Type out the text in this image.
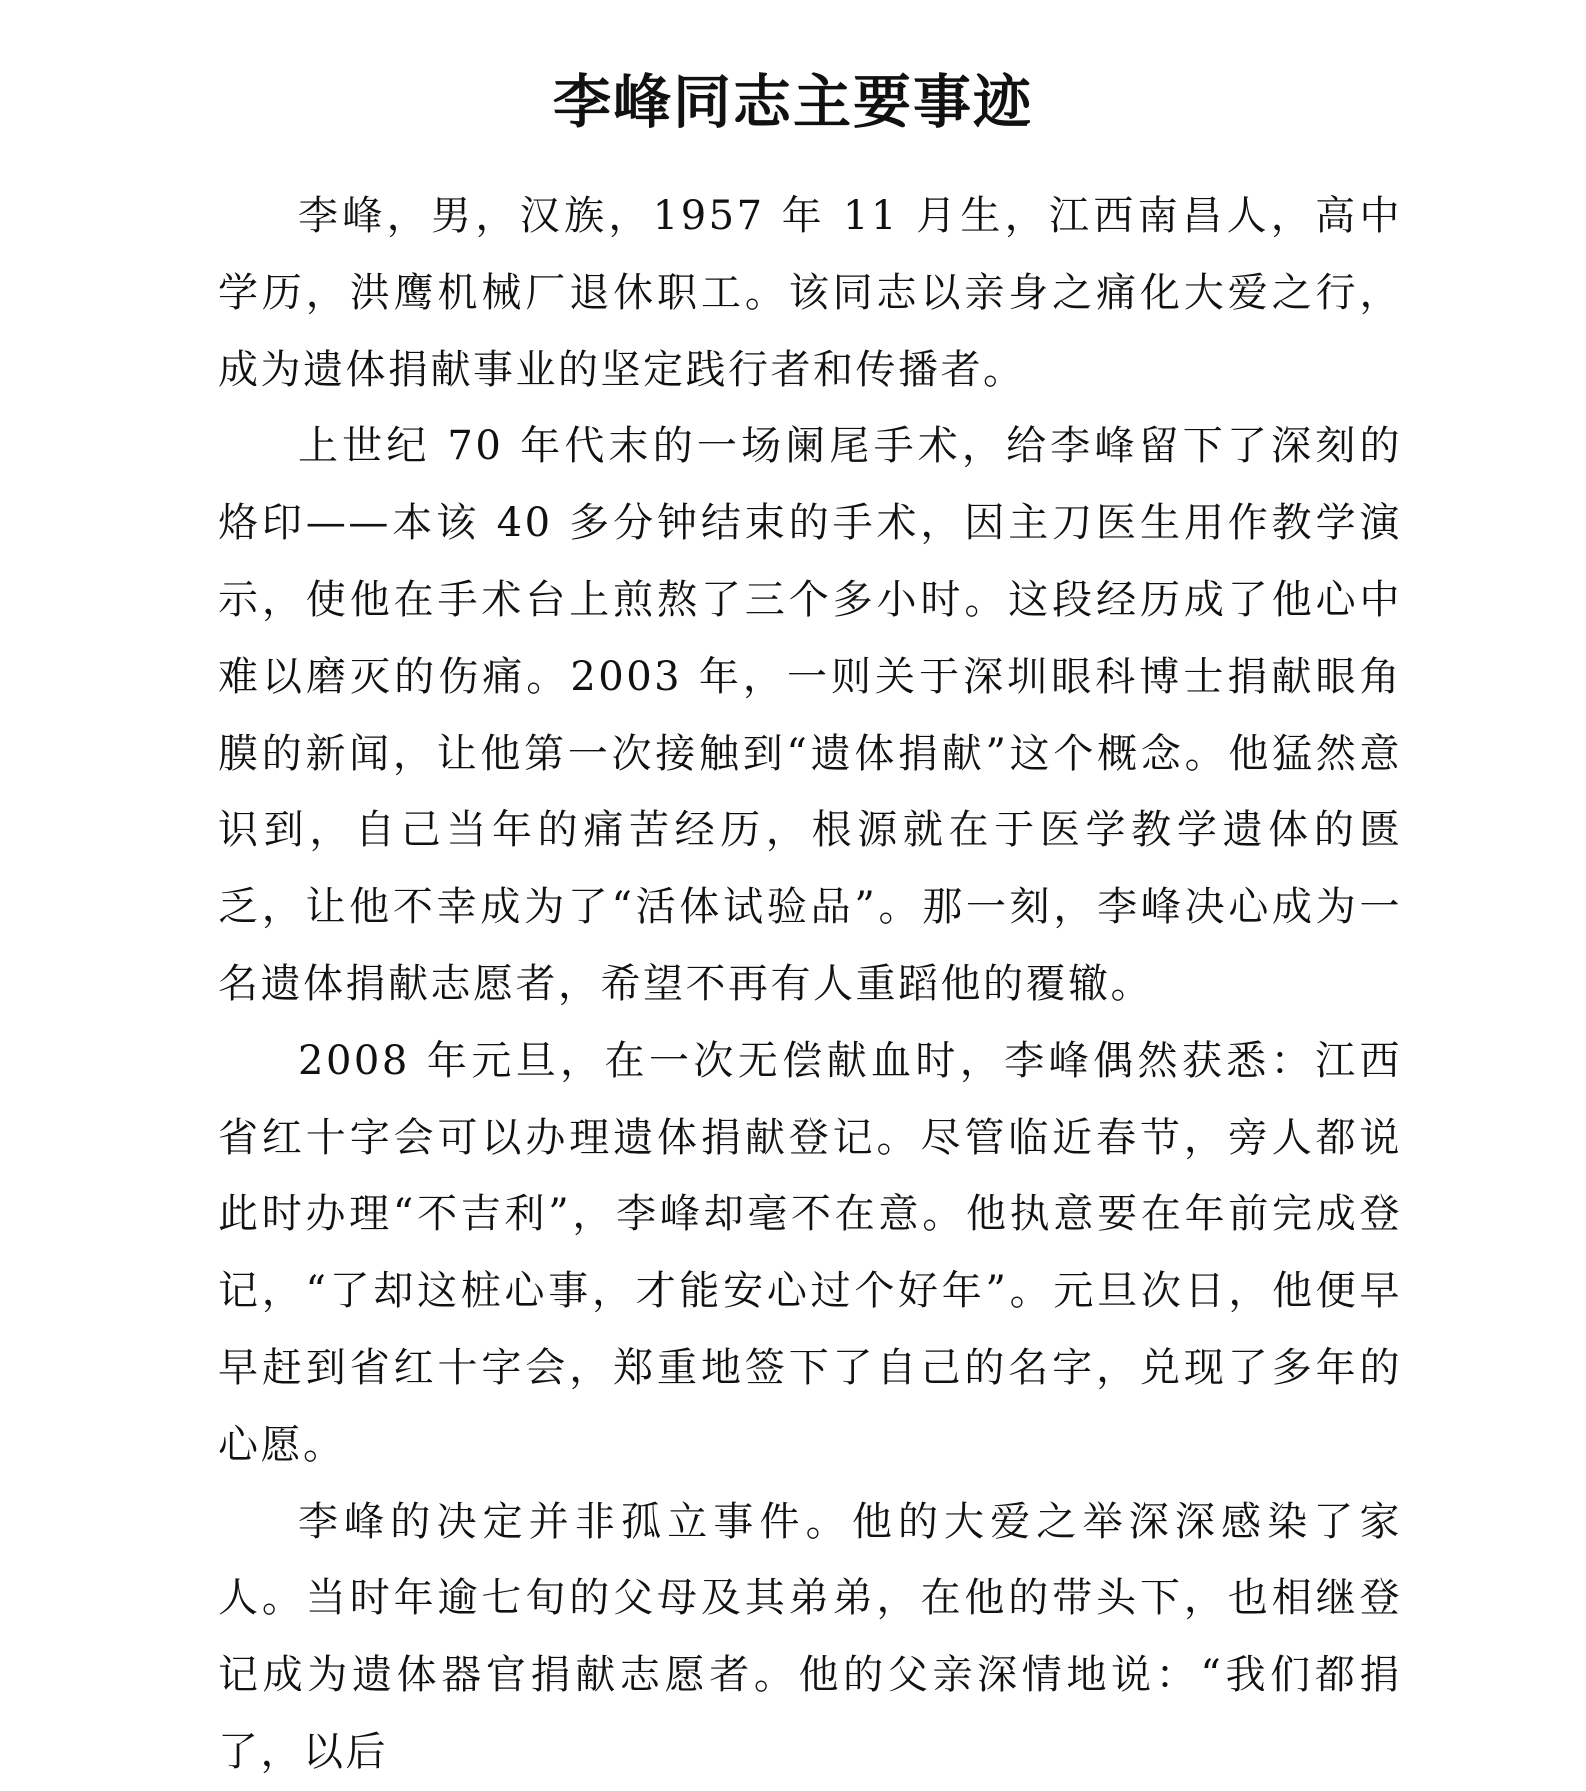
李峰同志主要事迹

李峰，男，汉族，1957 年 11 月生，江西南昌人，高中学历，洪鹰机械厂退休职工。该同志以亲身之痛化大爱之行，成为遗体捐献事业的坚定践行者和传播者。

上世纪 70 年代末的一场阑尾手术，给李峰留下了深刻的烙印——本该 40 多分钟结束的手术，因主刀医生用作教学演示，使他在手术台上煎熬了三个多小时。这段经历成了他心中难以磨灭的伤痛。2003 年，一则关于深圳眼科博士捐献眼角膜的新闻，让他第一次接触到“遗体捐献”这个概念。他猛然意识到，自己当年的痛苦经历，根源就在于医学教学遗体的匮乏，让他不幸成为了“活体试验品”。那一刻，李峰决心成为一名遗体捐献志愿者，希望不再有人重蹈他的覆辙。

2008 年元旦，在一次无偿献血时，李峰偶然获悉：江西省红十字会可以办理遗体捐献登记。尽管临近春节，旁人都说此时办理“不吉利”，李峰却毫不在意。他执意要在年前完成登记，“了却这桩心事，才能安心过个好年”。元旦次日，他便早早赶到省红十字会，郑重地签下了自己的名字，兑现了多年的心愿。

李峰的决定并非孤立事件。他的大爱之举深深感染了家人。当时年逾七旬的父母及其弟弟，在他的带头下，也相继登记成为遗体器官捐献志愿者。他的父亲深情地说：“我们都捐了，以后
